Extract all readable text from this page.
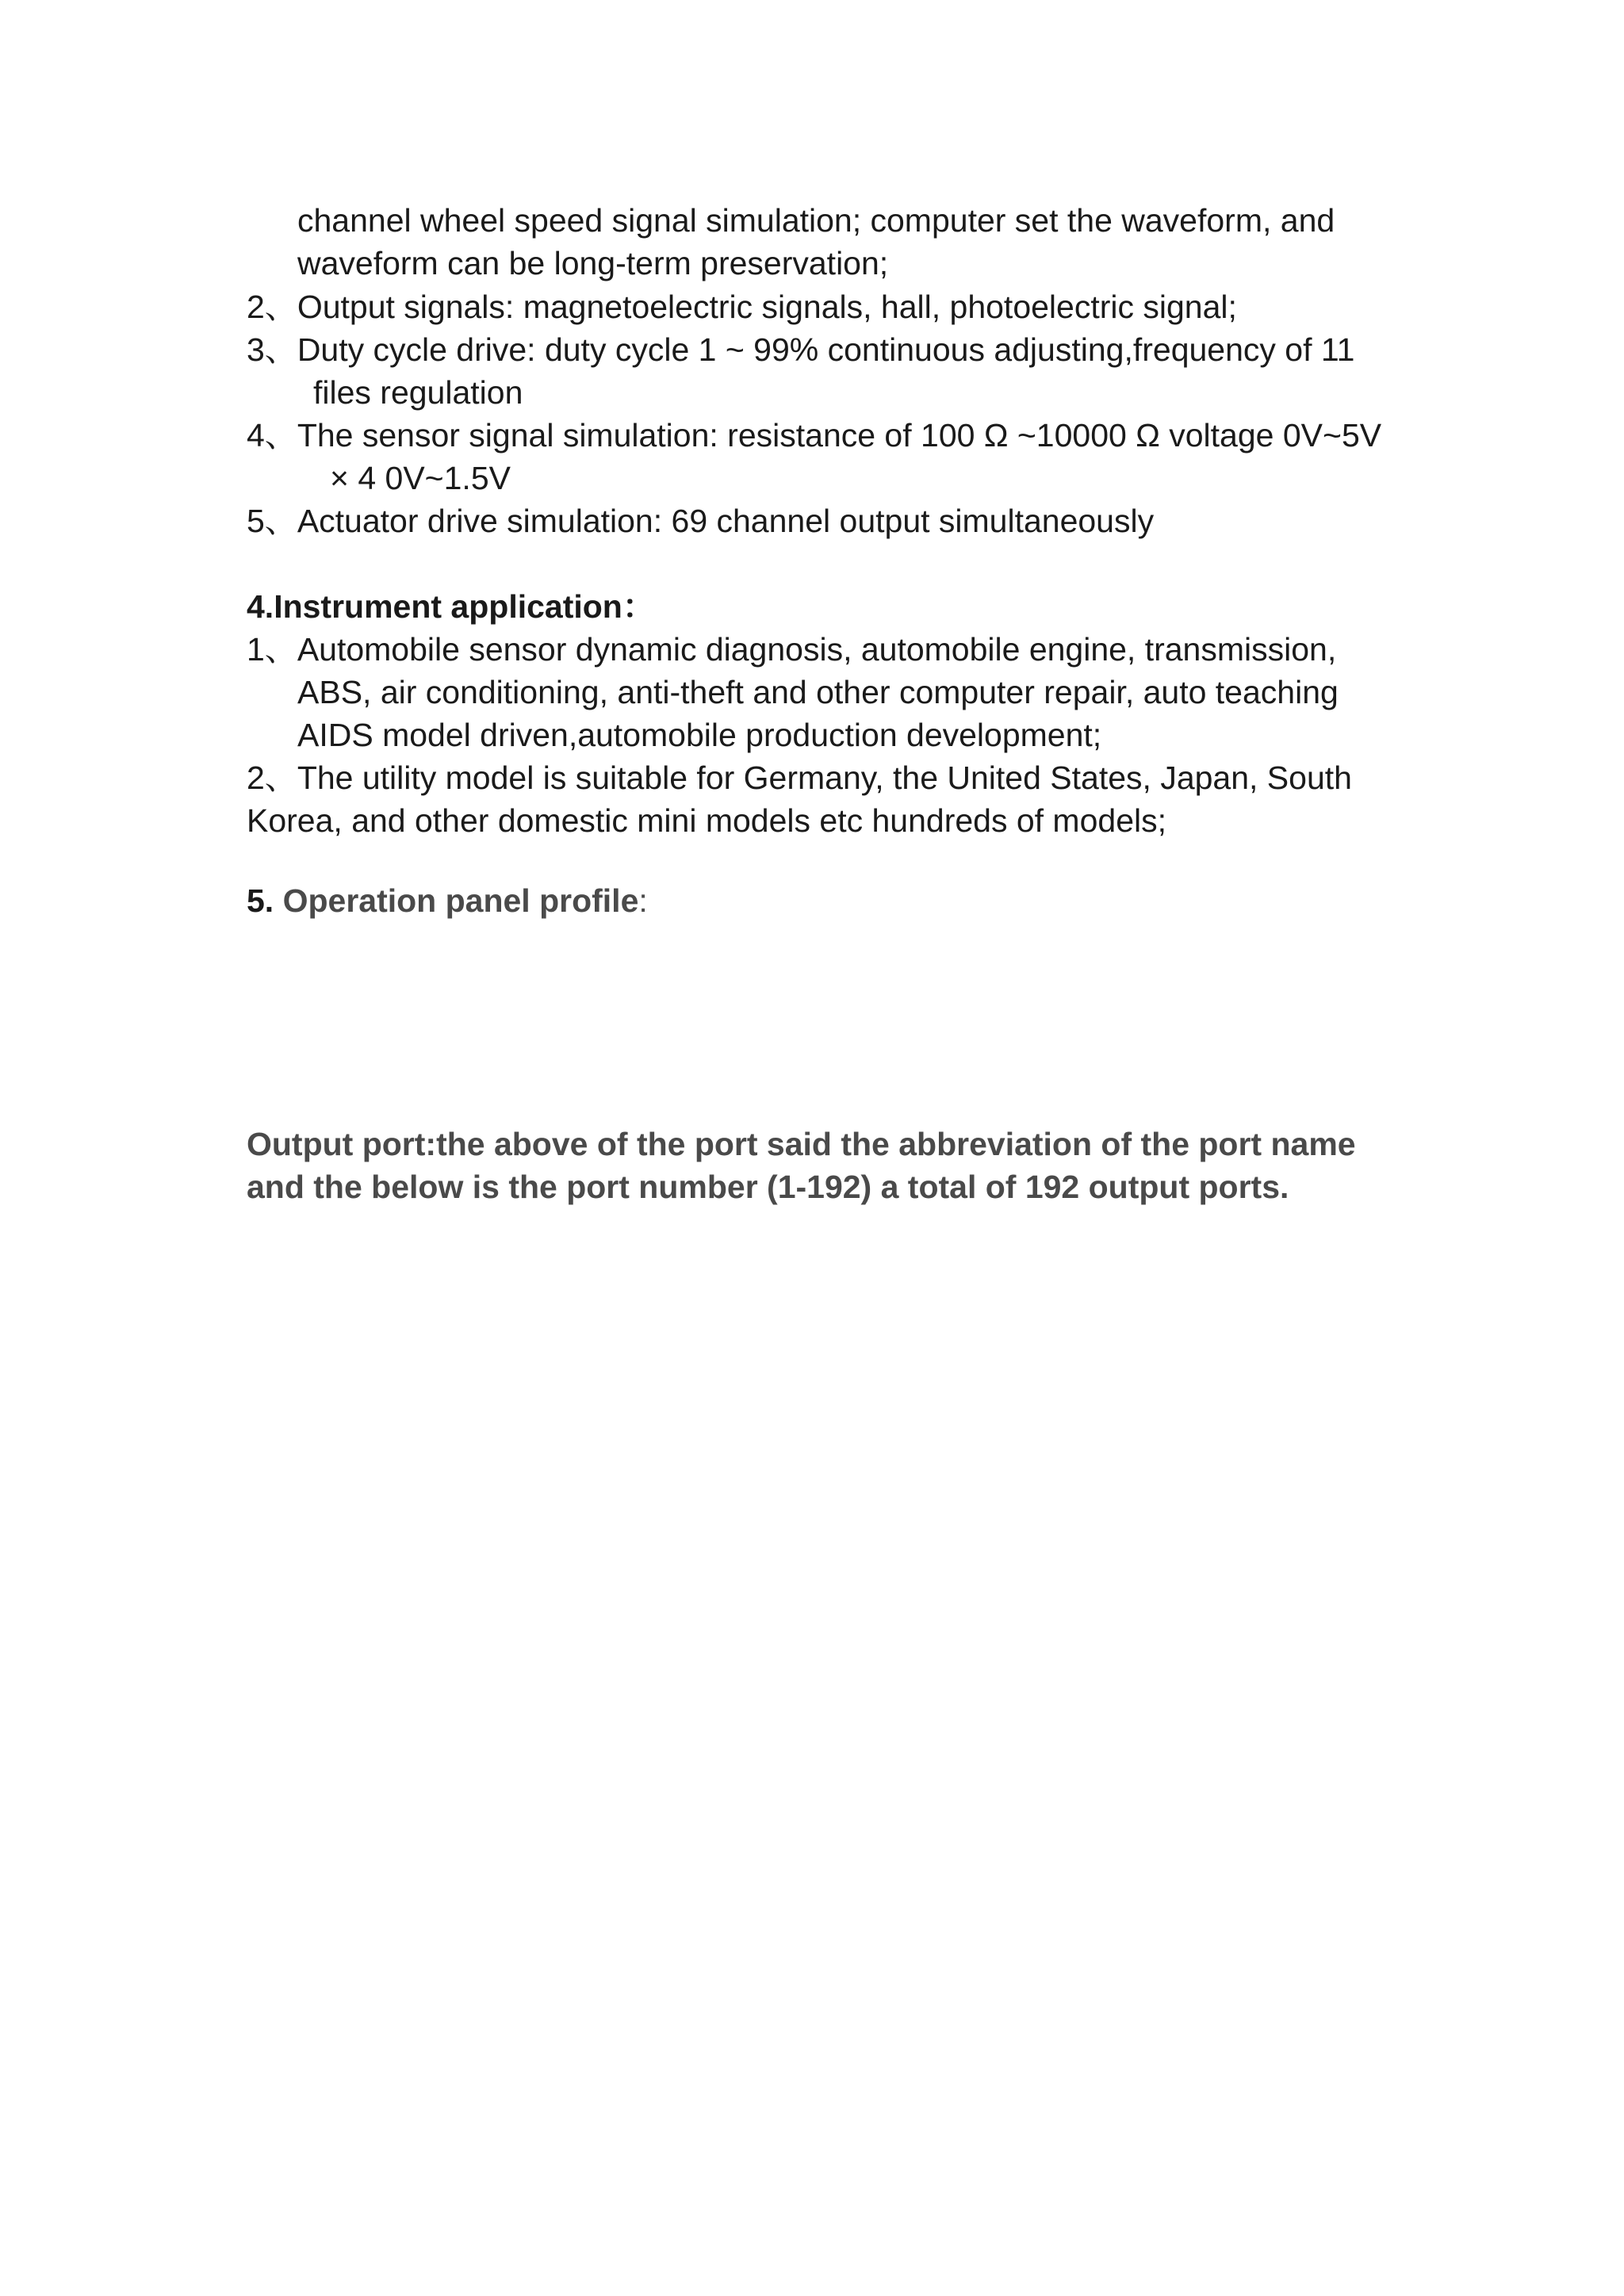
channel wheel speed signal simulation; computer set the waveform, and
waveform can be long-term preservation;
2、Output signals: magnetoelectric signals, hall, photoelectric signal;
3、Duty cycle drive: duty cycle 1 ~ 99% continuous adjusting,frequency of 11
files regulation
4、The sensor signal simulation: resistance of 100 Ω ~10000 Ω voltage 0V~5V
× 4 0V~1.5V
5、Actuator drive simulation: 69 channel output simultaneously
4.Instrument application：
1、Automobile sensor dynamic diagnosis, automobile engine, transmission,
ABS, air conditioning, anti-theft and other computer repair, auto teaching
AIDS model driven,automobile production development;
2、The utility model is suitable for Germany, the United States, Japan, South
Korea, and other domestic mini models etc hundreds of models;
5. Operation panel profile:
Output port:the above of the port said the abbreviation of the port name
and the below is the port number (1-192) a total of 192 output ports.
